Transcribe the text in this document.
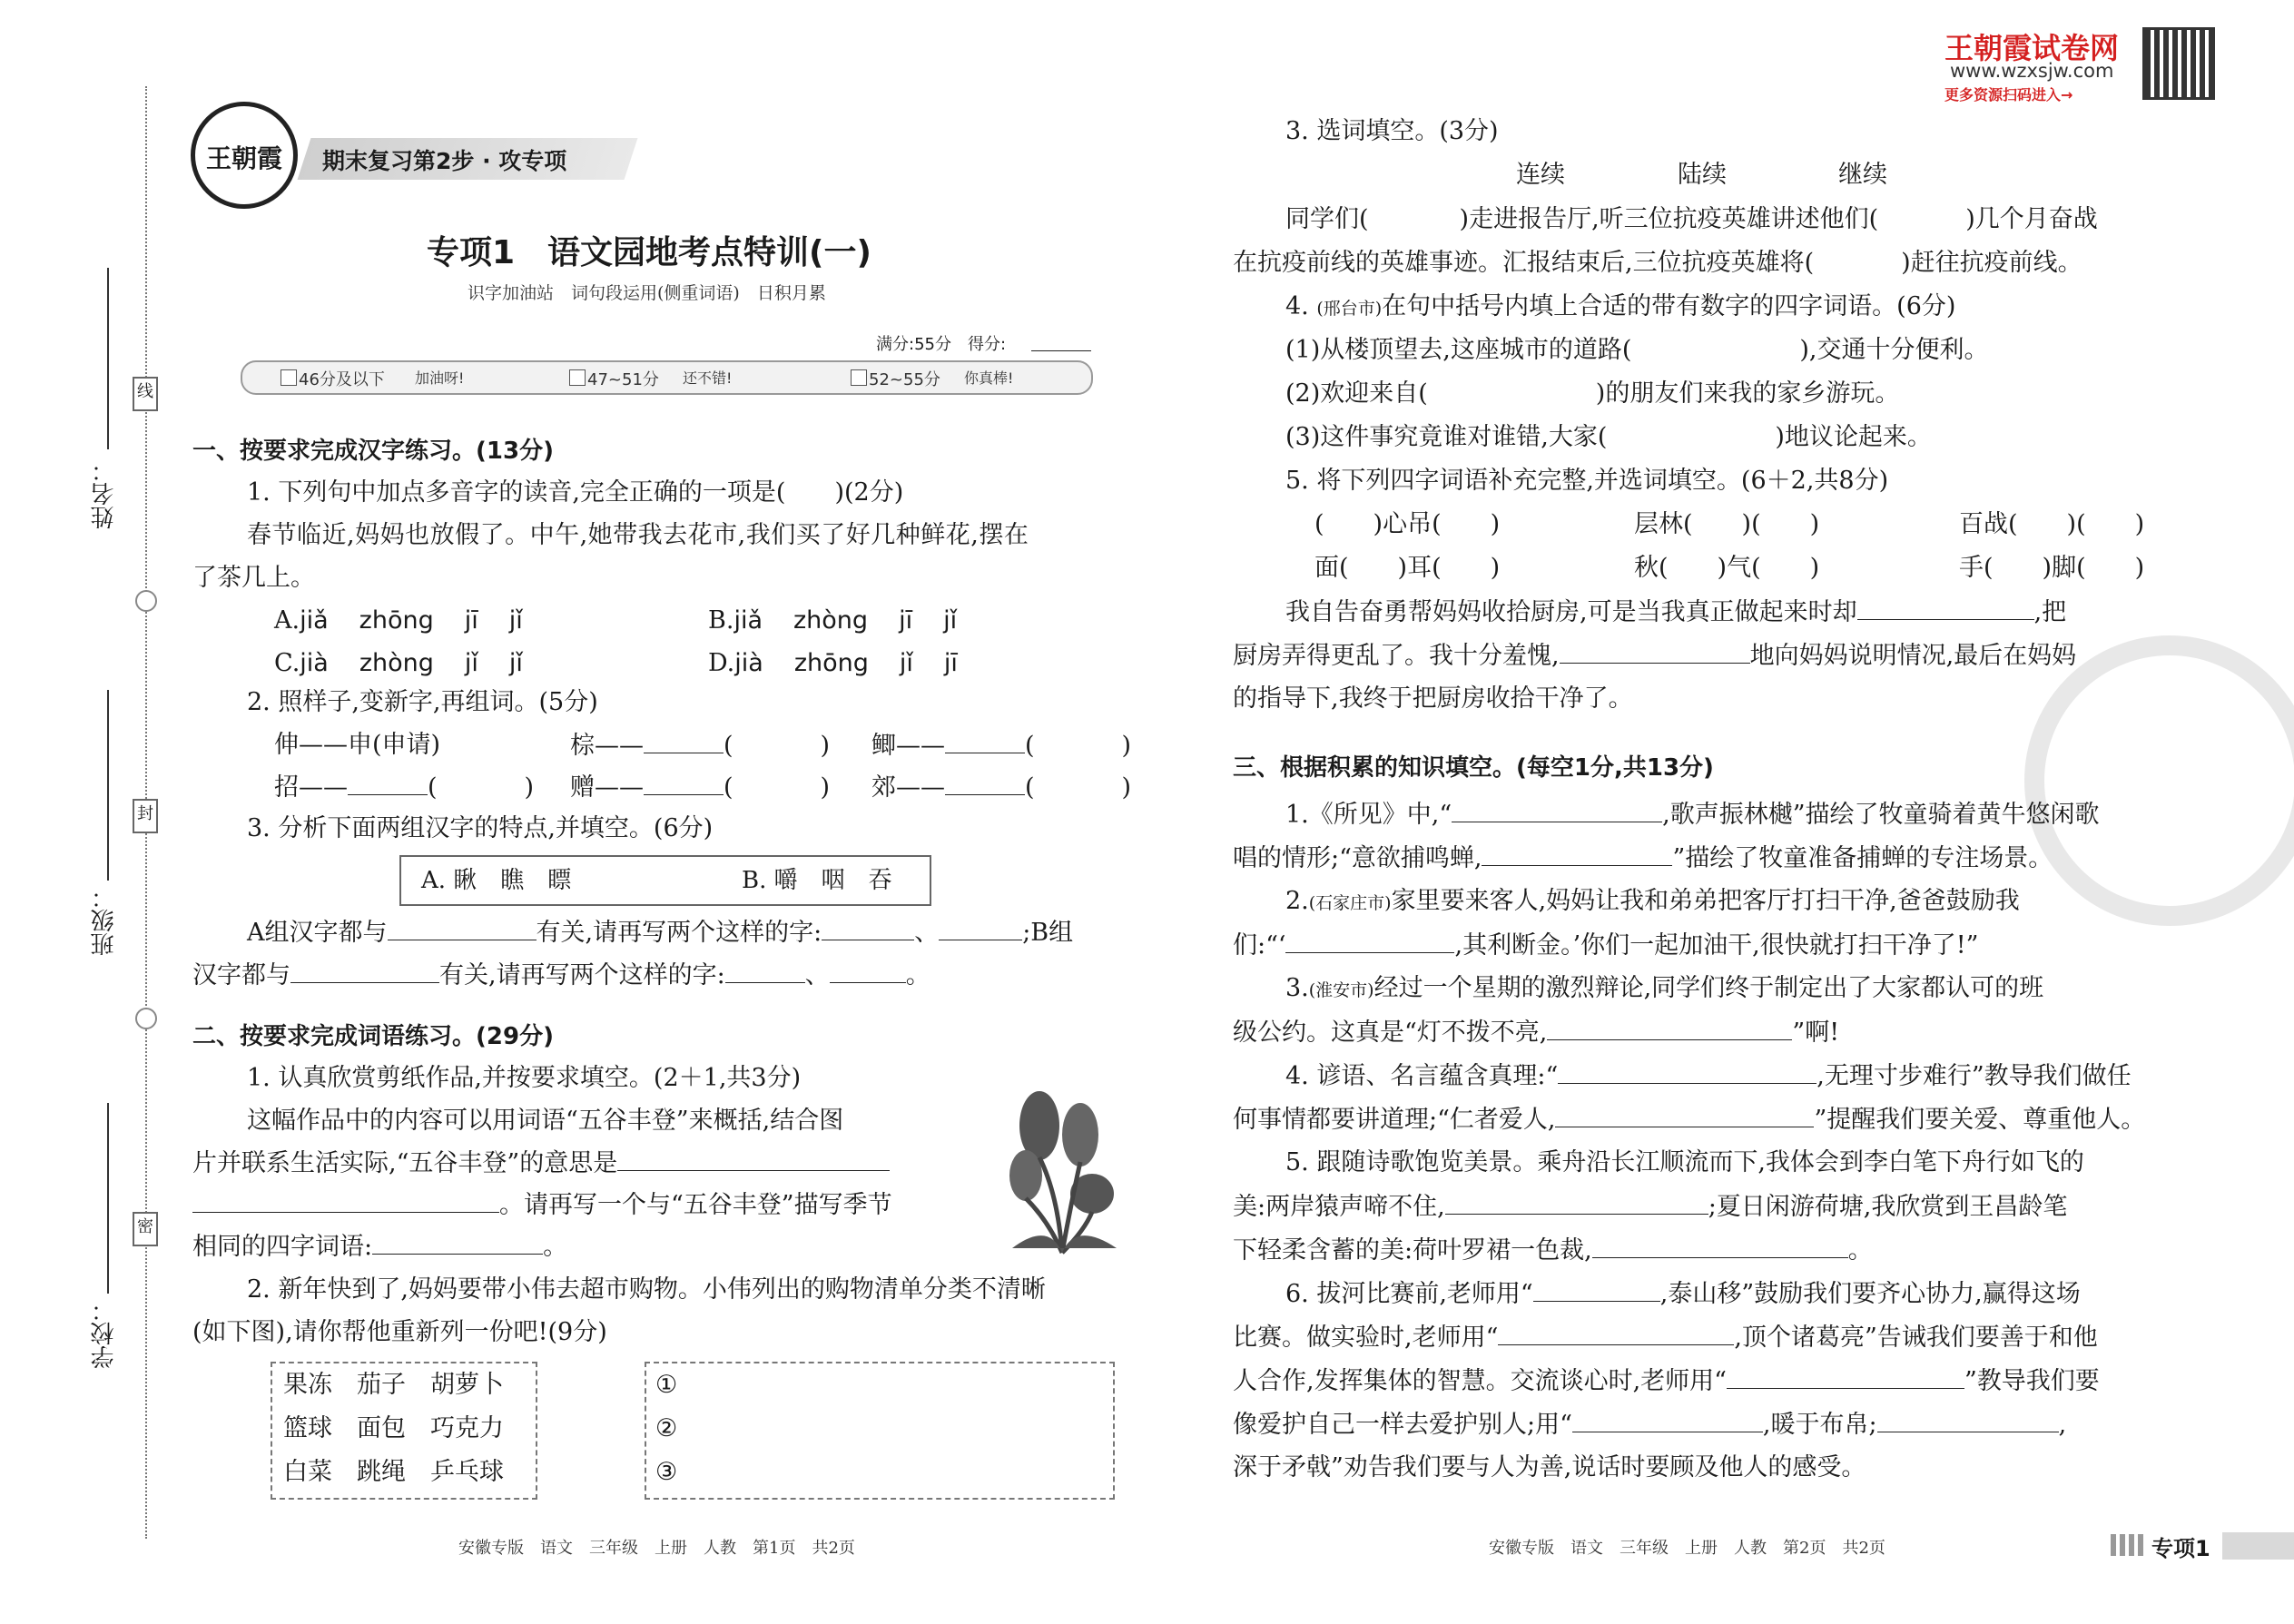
姓名：
班级：
学校：
线
封
密
王朝霞	期末复习第2步 · 攻专项
专项1　语文园地考点特训(一)
识字加油站　词句段运用(侧重词语)　日积月累
满分:55分　得分:
46分及以下 加油呀!	47~51分 还不错!	52~55分 你真棒!
一、按要求完成汉字练习。(13分)
1. 下列句中加点多音字的读音,完全正确的一项是(　　)(2分)
春节临近,妈妈也放假了。中午,她带我去花市,我们买了好几种鲜花,摆在
了茶几上。
A.jiǎ zhōng jī jǐ	B.jiǎ zhòng jī jǐ
C.jià zhòng jǐ jǐ	D.jià zhōng jǐ jī
2. 照样子,变新字,再组词。(5分)
伸——申(申请)	棕——	(	) 鲫——	(	)
招——	(	) 赠——	(	) 郊——	(	)
3. 分析下面两组汉字的特点,并填空。(6分)
A. 瞅　瞧　瞟	B. 嚼　咽　吞
A组汉字都与	有关,请再写两个这样的字:	、	;B组
汉字都与	有关,请再写两个这样的字:	、	。
二、按要求完成词语练习。(29分)
1. 认真欣赏剪纸作品,并按要求填空。(2＋1,共3分)
这幅作品中的内容可以用词语“五谷丰登”来概括,结合图
片并联系生活实际,“五谷丰登”的意思是
。请再写一个与“五谷丰登”描写季节
相同的四字词语:	。
2. 新年快到了,妈妈要带小伟去超市购物。小伟列出的购物清单分类不清晰
(如下图),请你帮他重新列一份吧!(9分)
果冻　 茄子　 胡萝卜
篮球　 面包　 巧克力
白菜　 跳绳　 乒乓球
①
②
③
安徽专版　语文　三年级　上册　人教　第1页　共2页
王朝霞试卷网
www.wzxsjw.com
更多资源扫码进入→
3. 选词填空。(3分)
连续	陆续	继续
同学们(	)走进报告厅,听三位抗疫英雄讲述他们(	)几个月奋战
在抗疫前线的英雄事迹。汇报结束后,三位抗疫英雄将(	)赶往抗疫前线。
4. (邢台市)在句中括号内填上合适的带有数字的四字词语。(6分)
(1)从楼顶望去,这座城市的道路(	),交通十分便利。
(2)欢迎来自(	)的朋友们来我的家乡游玩。
(3)这件事究竟谁对谁错,大家(	)地议论起来。
5. 将下列四字词语补充完整,并选词填空。(6＋2,共8分)
(　　)心吊(　　)	层林(　　)(　　)	百战(　　)(　　)
面(　　)耳(　　)	秋(　　)气(　　)	手(　　)脚(　　)
我自告奋勇帮妈妈收拾厨房,可是当我真正做起来时却	,把
厨房弄得更乱了。我十分羞愧,	地向妈妈说明情况,最后在妈妈
的指导下,我终于把厨房收拾干净了。
三、根据积累的知识填空。(每空1分,共13分)
1.《所见》中,“	,歌声振林樾”描绘了牧童骑着黄牛悠闲歌
唱的情形;“意欲捕鸣蝉,	”描绘了牧童准备捕蝉的专注场景。
2.(石家庄市)家里要来客人,妈妈让我和弟弟把客厅打扫干净,爸爸鼓励我
们:“‘	,其利断金。’你们一起加油干,很快就打扫干净了!”
3.(淮安市)经过一个星期的激烈辩论,同学们终于制定出了大家都认可的班
级公约。这真是“灯不拨不亮,	”啊!
4. 谚语、名言蕴含真理:“	,无理寸步难行”教导我们做任
何事情都要讲道理;“仁者爱人,	”提醒我们要关爱、尊重他人。
5. 跟随诗歌饱览美景。乘舟沿长江顺流而下,我体会到李白笔下舟行如飞的
美:两岸猿声啼不住,	;夏日闲游荷塘,我欣赏到王昌龄笔
下轻柔含蓄的美:荷叶罗裙一色裁,	。
6. 拔河比赛前,老师用“	,泰山移”鼓励我们要齐心协力,赢得这场
比赛。做实验时,老师用“	,顶个诸葛亮”告诫我们要善于和他
人合作,发挥集体的智慧。交流谈心时,老师用“	”教导我们要
像爱护自己一样去爱护别人;用“	,暖于布帛;	,
深于矛戟”劝告我们要与人为善,说话时要顾及他人的感受。
安徽专版　语文　三年级　上册　人教　第2页　共2页	专项1
